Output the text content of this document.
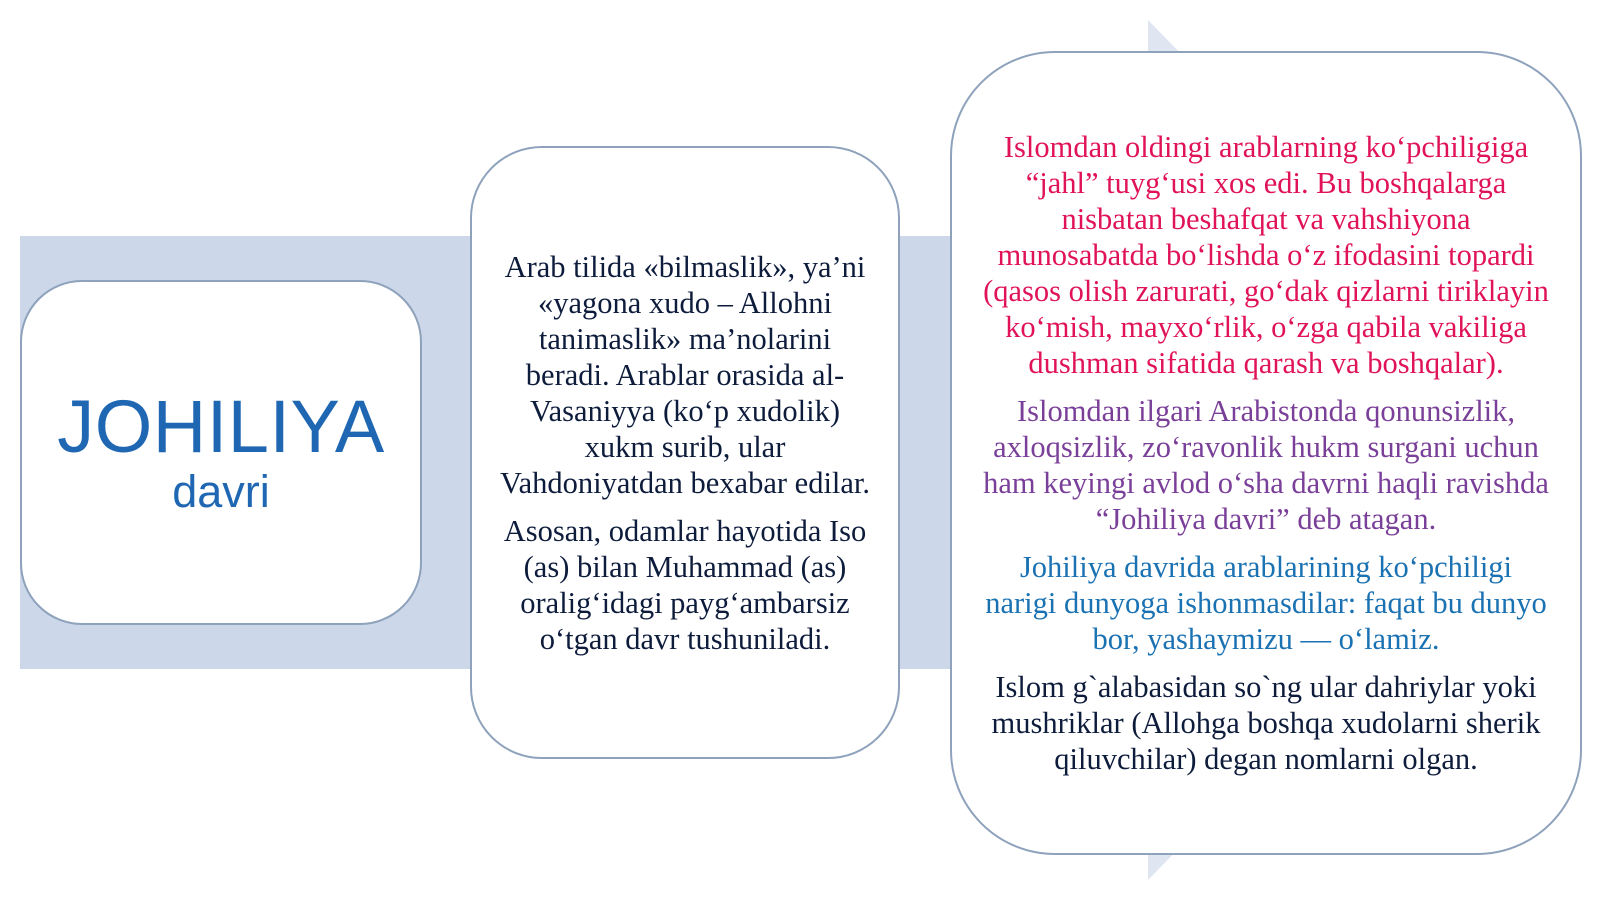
JOHILIYA
davri

Arab tilida «bilmaslik», ya’ni «yagona xudo – Allohni tanimaslik» ma’nolarini beradi. Arablar orasida al-Vasaniyya (ko‘p xudolik) xukm surib, ular Vahdoniyatdan bexabar edilar.

Asosan, odamlar hayotida Iso (as) bilan Muhammad (as) oralig‘idagi payg‘ambarsiz o‘tgan davr tushuniladi.

Islomdan oldingi arablarning ko‘pchiligiga “jahl” tuyg‘usi xos edi. Bu boshqalarga nisbatan beshafqat va vahshiyona munosabatda bo‘lishda o‘z ifodasini topardi (qasos olish zarurati, go‘dak qizlarni tiriklayin ko‘mish, mayxo‘rlik, o‘zga qabila vakiliga dushman sifatida qarash va boshqalar).

Islomdan ilgari Arabistonda qonunsizlik, axloqsizlik, zo‘ravonlik hukm surgani uchun ham keyingi avlod o‘sha davrni haqli ravishda “Johiliya davri” deb atagan.

Johiliya davrida arablarining ko‘pchiligi narigi dunyoga ishonmasdilar: faqat bu dunyo bor, yashaymizu — o‘lamiz.

Islom g`alabasidan so`ng ular dahriylar yoki mushriklar (Allohga boshqa xudolarni sherik qiluvchilar) degan nomlarni olgan.
